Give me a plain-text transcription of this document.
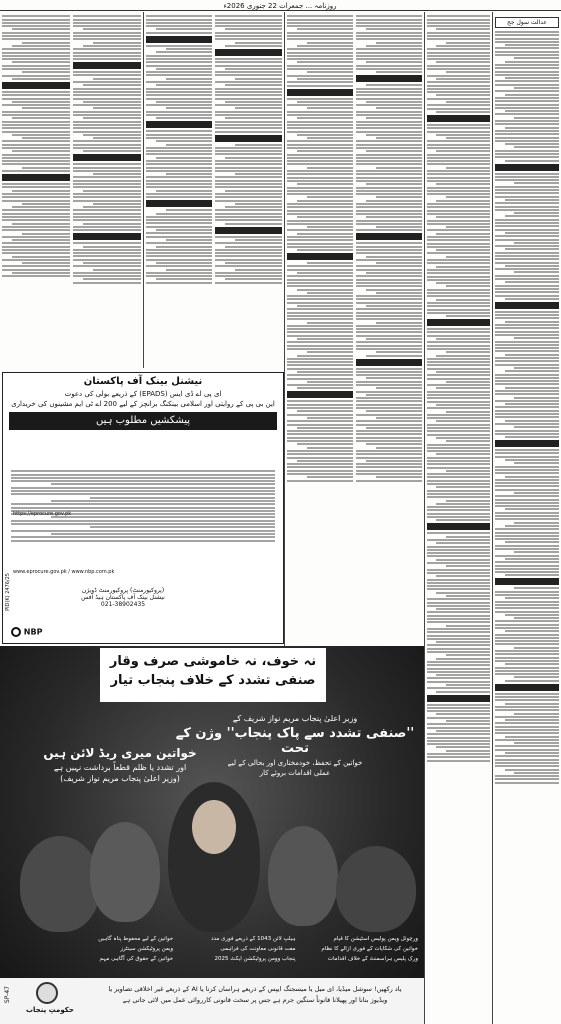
روزنامہ ... جمعرات 22 جنوری 2026ء
عدالت سول جج
نیشنل بینک آف پاکستان
ای پی اے ڈی ایس (EPADS) کے ذریعے بولی کی دعوت
این بی پی کے روایتی اور اسلامی بینکنگ برانچز کے لیے 200 اے ٹی ایم مشینوں کی خریداری
پیشکشیں مطلوب ہیں
https://eprocure.gov.pk
www.eprocure.gov.pk / www.nbp.com.pk
(پروکیورمنٹ) پروکیورمنٹ ڈویژن
نیشنل بینک آف پاکستان ہیڈ آفس
021-38902435
PID(K) 2476/25
NBP
نہ خوف، نہ خاموشی صرف وقار
صنفی تشدد کے خلاف پنجاب تیار
وزیر اعلیٰ پنجاب مریم نواز شریف کے
''صنفی تشدد سے پاک پنجاب'' وژن کے تحت
خواتین کے تحفظ، خودمختاری اور بحالی کے لیے
عملی اقدامات بروئے کار
خواتین میری ریڈ لائن ہیں
اور تشدد یا ظلم قطعاً برداشت نہیں ہے
(وزیر اعلیٰ پنجاب مریم نواز شریف)
ورچوئل ویمن پولیس اسٹیشن کا قیام
ہیلپ لائن 1043 کے ذریعے فوری مدد
خواتین کے لیے محفوظ پناہ گاہیں
خواتین کی شکایات کے فوری ازالے کا نظام
مفت قانونی معاونت کی فراہمی
ویمن پروٹیکشن سینٹرز
ورک پلیس ہراسمنٹ کے خلاف اقدامات
پنجاب وومن پروٹیکشن ایکٹ 2025
خواتین کے حقوق کی آگاہی مہم
حکومتِ پنجاب
SP-47	یاد رکھیں! سوشل میڈیا، ای میل یا میسجنگ ایپس کے ذریعے ہراساں کرنا یا AI کے ذریعے غیر اخلاقی تصاویر یا
ویڈیوز بنانا اور پھیلانا قانوناً سنگین جرم ہے جس پر سخت قانونی کارروائی عمل میں لائی جاتی ہے
